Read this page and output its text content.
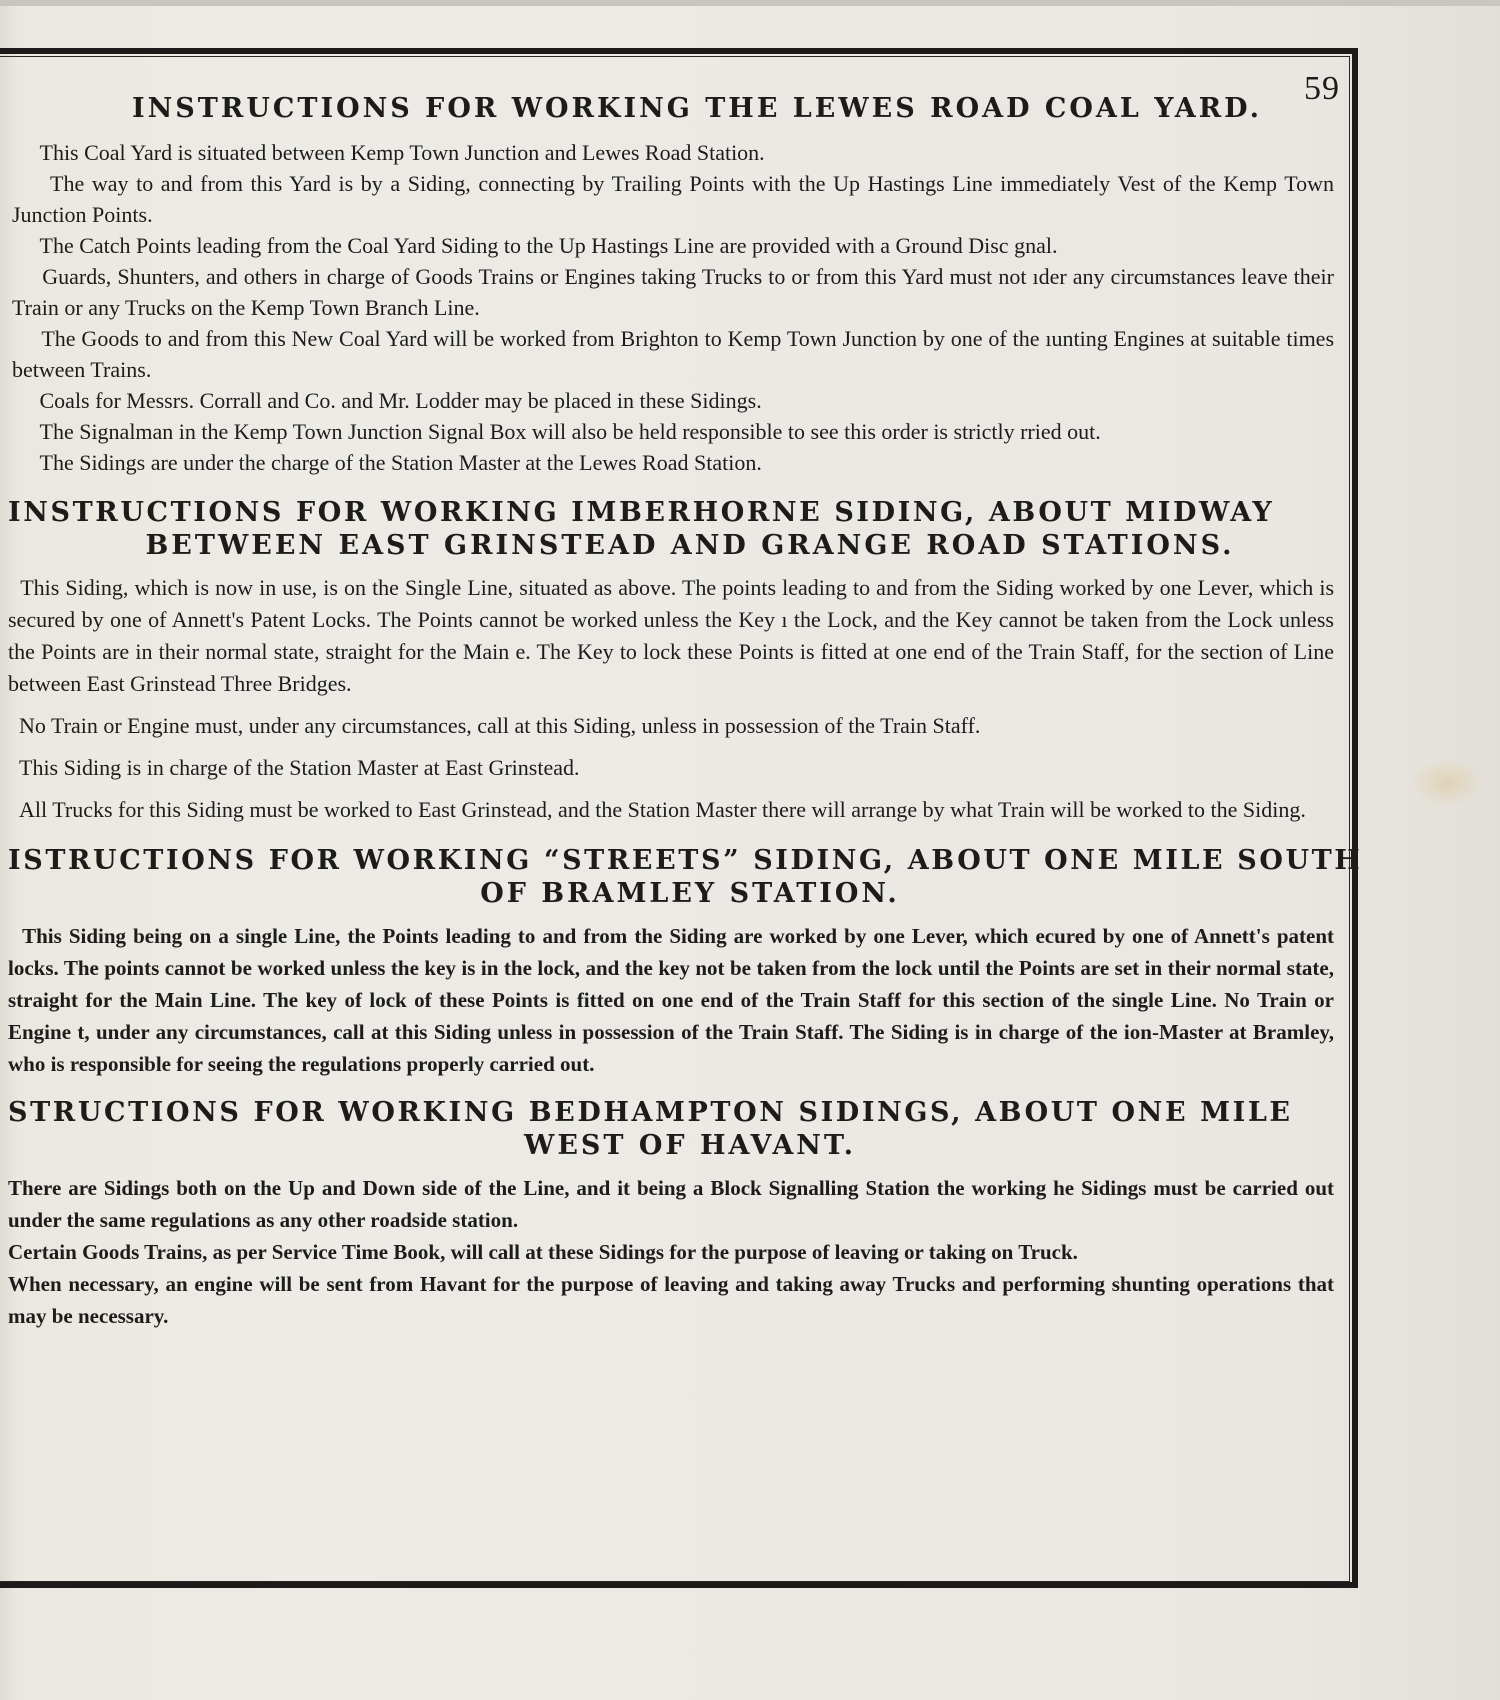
59
INSTRUCTIONS FOR WORKING THE LEWES ROAD COAL YARD.
This Coal Yard is situated between Kemp Town Junction and Lewes Road Station.
The way to and from this Yard is by a Siding, connecting by Trailing Points with the Up Hastings Line immediately Vest of the Kemp Town Junction Points.
The Catch Points leading from the Coal Yard Siding to the Up Hastings Line are provided with a Ground Disc gnal.
Guards, Shunters, and others in charge of Goods Trains or Engines taking Trucks to or from this Yard must not ıder any circumstances leave their Train or any Trucks on the Kemp Town Branch Line.
The Goods to and from this New Coal Yard will be worked from Brighton to Kemp Town Junction by one of the ıunting Engines at suitable times between Trains.
Coals for Messrs. Corrall and Co. and Mr. Lodder may be placed in these Sidings.
The Signalman in the Kemp Town Junction Signal Box will also be held responsible to see this order is strictly rried out.
The Sidings are under the charge of the Station Master at the Lewes Road Station.
INSTRUCTIONS FOR WORKING IMBERHORNE SIDING, ABOUT MIDWAY
BETWEEN EAST GRINSTEAD AND GRANGE ROAD STATIONS.
This Siding, which is now in use, is on the Single Line, situated as above. The points leading to and from the Siding worked by one Lever, which is secured by one of Annett's Patent Locks. The Points cannot be worked unless the Key ı the Lock, and the Key cannot be taken from the Lock unless the Points are in their normal state, straight for the Main e. The Key to lock these Points is fitted at one end of the Train Staff, for the section of Line between East Grinstead Three Bridges.
No Train or Engine must, under any circumstances, call at this Siding, unless in possession of the Train Staff.
This Siding is in charge of the Station Master at East Grinstead.
All Trucks for this Siding must be worked to East Grinstead, and the Station Master there will arrange by what Train will be worked to the Siding.
ISTRUCTIONS FOR WORKING “STREETS” SIDING, ABOUT ONE MILE SOUTH
OF BRAMLEY STATION.
This Siding being on a single Line, the Points leading to and from the Siding are worked by one Lever, which ecured by one of Annett's patent locks. The points cannot be worked unless the key is in the lock, and the key not be taken from the lock until the Points are set in their normal state, straight for the Main Line. The key of lock of these Points is fitted on one end of the Train Staff for this section of the single Line. No Train or Engine t, under any circumstances, call at this Siding unless in possession of the Train Staff. The Siding is in charge of the ion-Master at Bramley, who is responsible for seeing the regulations properly carried out.
STRUCTIONS FOR WORKING BEDHAMPTON SIDINGS, ABOUT ONE MILE
WEST OF HAVANT.
There are Sidings both on the Up and Down side of the Line, and it being a Block Signalling Station the working he Sidings must be carried out under the same regulations as any other roadside station.
Certain Goods Trains, as per Service Time Book, will call at these Sidings for the purpose of leaving or taking on Truck.
When necessary, an engine will be sent from Havant for the purpose of leaving and taking away Trucks and performing shunting operations that may be necessary.
